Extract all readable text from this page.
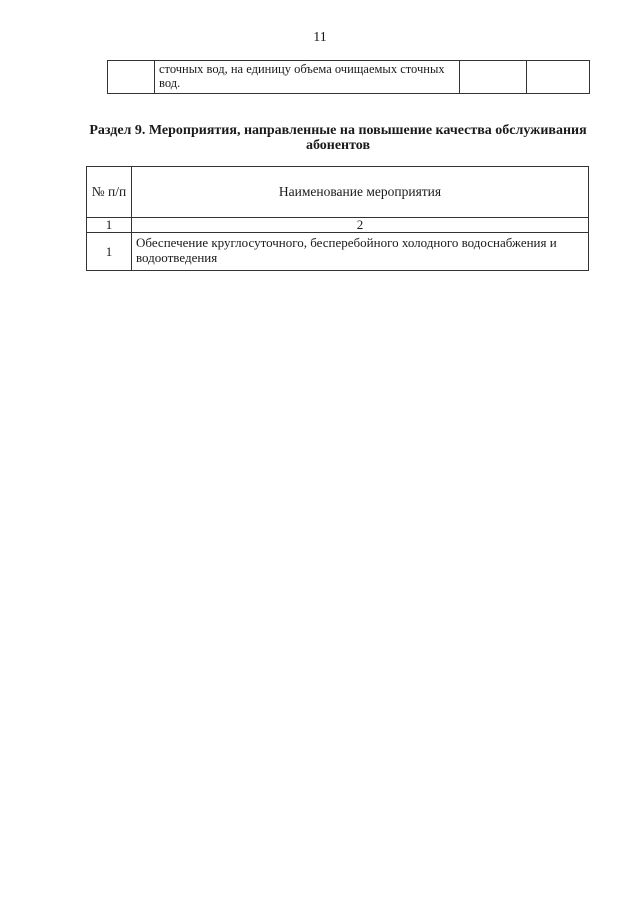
11
	сточных вод, на единицу объема очищаемых сточных вод.		
Раздел 9. Мероприятия, направленные на повышение качества обслуживания абонентов
№ п/п	Наименование мероприятия
1	2
1	Обеспечение круглосуточного, бесперебойного холодного водоснабжения и водоотведения
